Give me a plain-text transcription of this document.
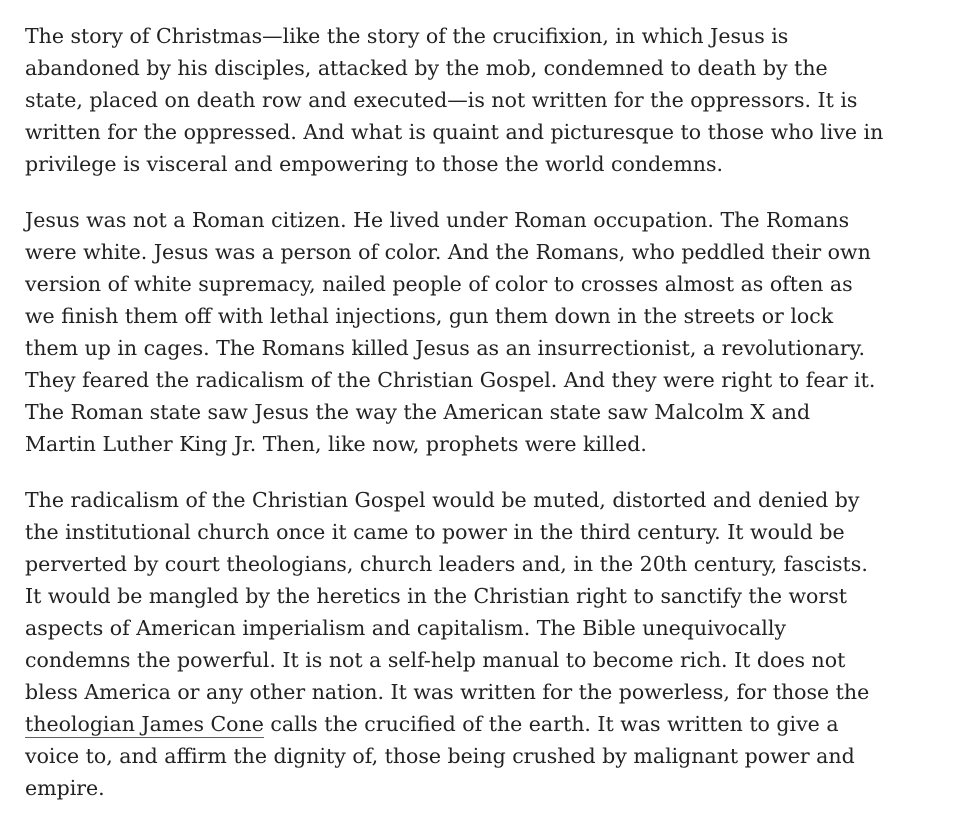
The story of Christmas—like the story of the crucifixion, in which Jesus is abandoned by his disciples, attacked by the mob, condemned to death by the state, placed on death row and executed—is not written for the oppressors. It is written for the oppressed. And what is quaint and picturesque to those who live in privilege is visceral and empowering to those the world condemns.

Jesus was not a Roman citizen. He lived under Roman occupation. The Romans were white. Jesus was a person of color. And the Romans, who peddled their own version of white supremacy, nailed people of color to crosses almost as often as we finish them off with lethal injections, gun them down in the streets or lock them up in cages. The Romans killed Jesus as an insurrectionist, a revolutionary. They feared the radicalism of the Christian Gospel. And they were right to fear it. The Roman state saw Jesus the way the American state saw Malcolm X and Martin Luther King Jr. Then, like now, prophets were killed.

The radicalism of the Christian Gospel would be muted, distorted and denied by the institutional church once it came to power in the third century. It would be perverted by court theologians, church leaders and, in the 20th century, fascists. It would be mangled by the heretics in the Christian right to sanctify the worst aspects of American imperialism and capitalism. The Bible unequivocally condemns the powerful. It is not a self-help manual to become rich. It does not bless America or any other nation. It was written for the powerless, for those the theologian James Cone calls the crucified of the earth. It was written to give a voice to, and affirm the dignity of, those being crushed by malignant power and empire.
